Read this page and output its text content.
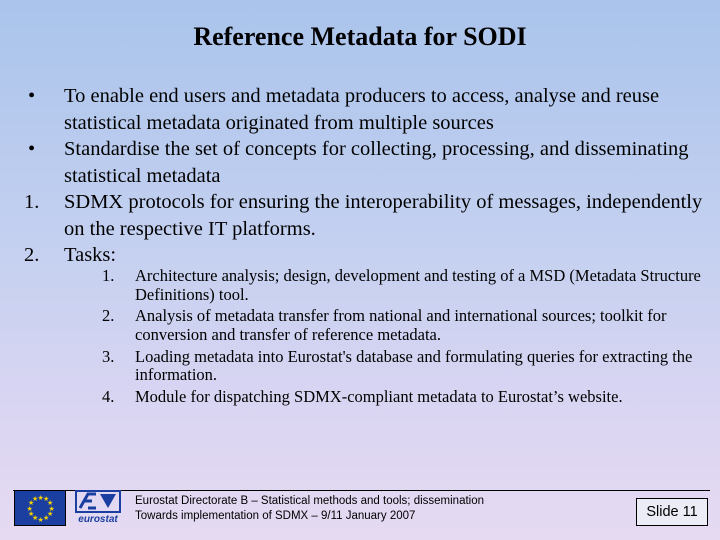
Reference Metadata for SODI
• To enable end users and metadata producers to access, analyse and reuse statistical metadata originated from multiple sources
• Standardise the set of concepts for collecting, processing, and disseminating statistical metadata
1. SDMX protocols for ensuring the interoperability of messages, independently on the respective IT platforms.
2. Tasks:
1. Architecture analysis; design, development and testing of a MSD (Metadata Structure Definitions) tool.
2. Analysis of metadata transfer from national and international sources; toolkit for conversion and transfer of reference metadata.
3. Loading metadata into Eurostat's database and formulating queries for extracting the information.
4. Module for dispatching SDMX-compliant metadata to Eurostat’s website.
★ ★
★
★
★
★
★
★
★
★
★
★
eurostat
Eurostat Directorate B – Statistical methods and tools; dissemination
Towards implementation of SDMX – 9/11 January 2007	Slide 11
